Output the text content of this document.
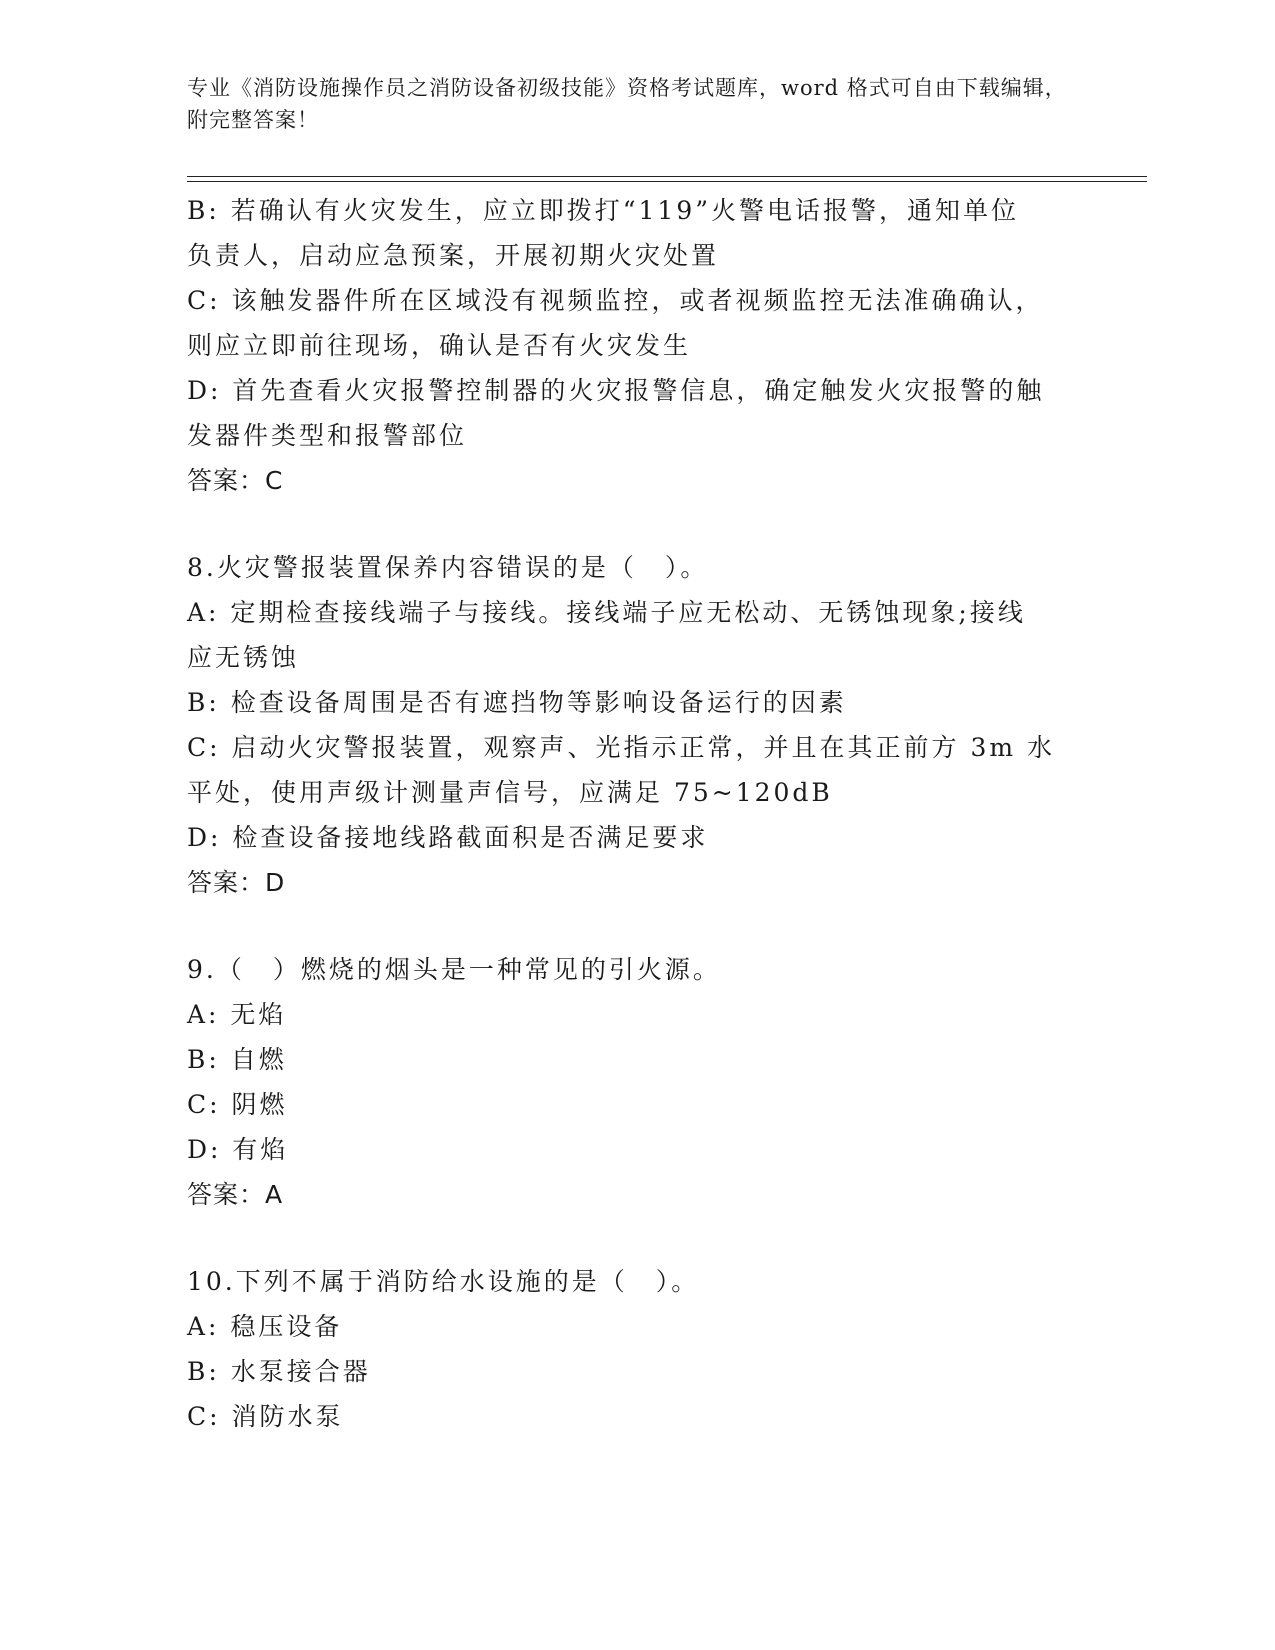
专业《消防设施操作员之消防设备初级技能》资格考试题库，word 格式可自由下载编辑，附完整答案！
B: 若确认有火灾发生，应立即拨打“119”火警电话报警，通知单位
负责人，启动应急预案，开展初期火灾处置
C: 该触发器件所在区域没有视频监控，或者视频监控无法准确确认，
则应立即前往现场，确认是否有火灾发生
D: 首先查看火灾报警控制器的火灾报警信息，确定触发火灾报警的触
发器件类型和报警部位
答案：C
8.火灾警报装置保养内容错误的是（　）。
A: 定期检查接线端子与接线。接线端子应无松动、无锈蚀现象;接线
应无锈蚀
B: 检查设备周围是否有遮挡物等影响设备运行的因素
C: 启动火灾警报装置，观察声、光指示正常，并且在其正前方 3m 水
平处，使用声级计测量声信号，应满足 75~120dB
D: 检查设备接地线路截面积是否满足要求
答案：D
9.（　）燃烧的烟头是一种常见的引火源。
A: 无焰
B: 自燃
C: 阴燃
D: 有焰
答案：A
10.下列不属于消防给水设施的是（　）。
A: 稳压设备
B: 水泵接合器
C: 消防水泵
